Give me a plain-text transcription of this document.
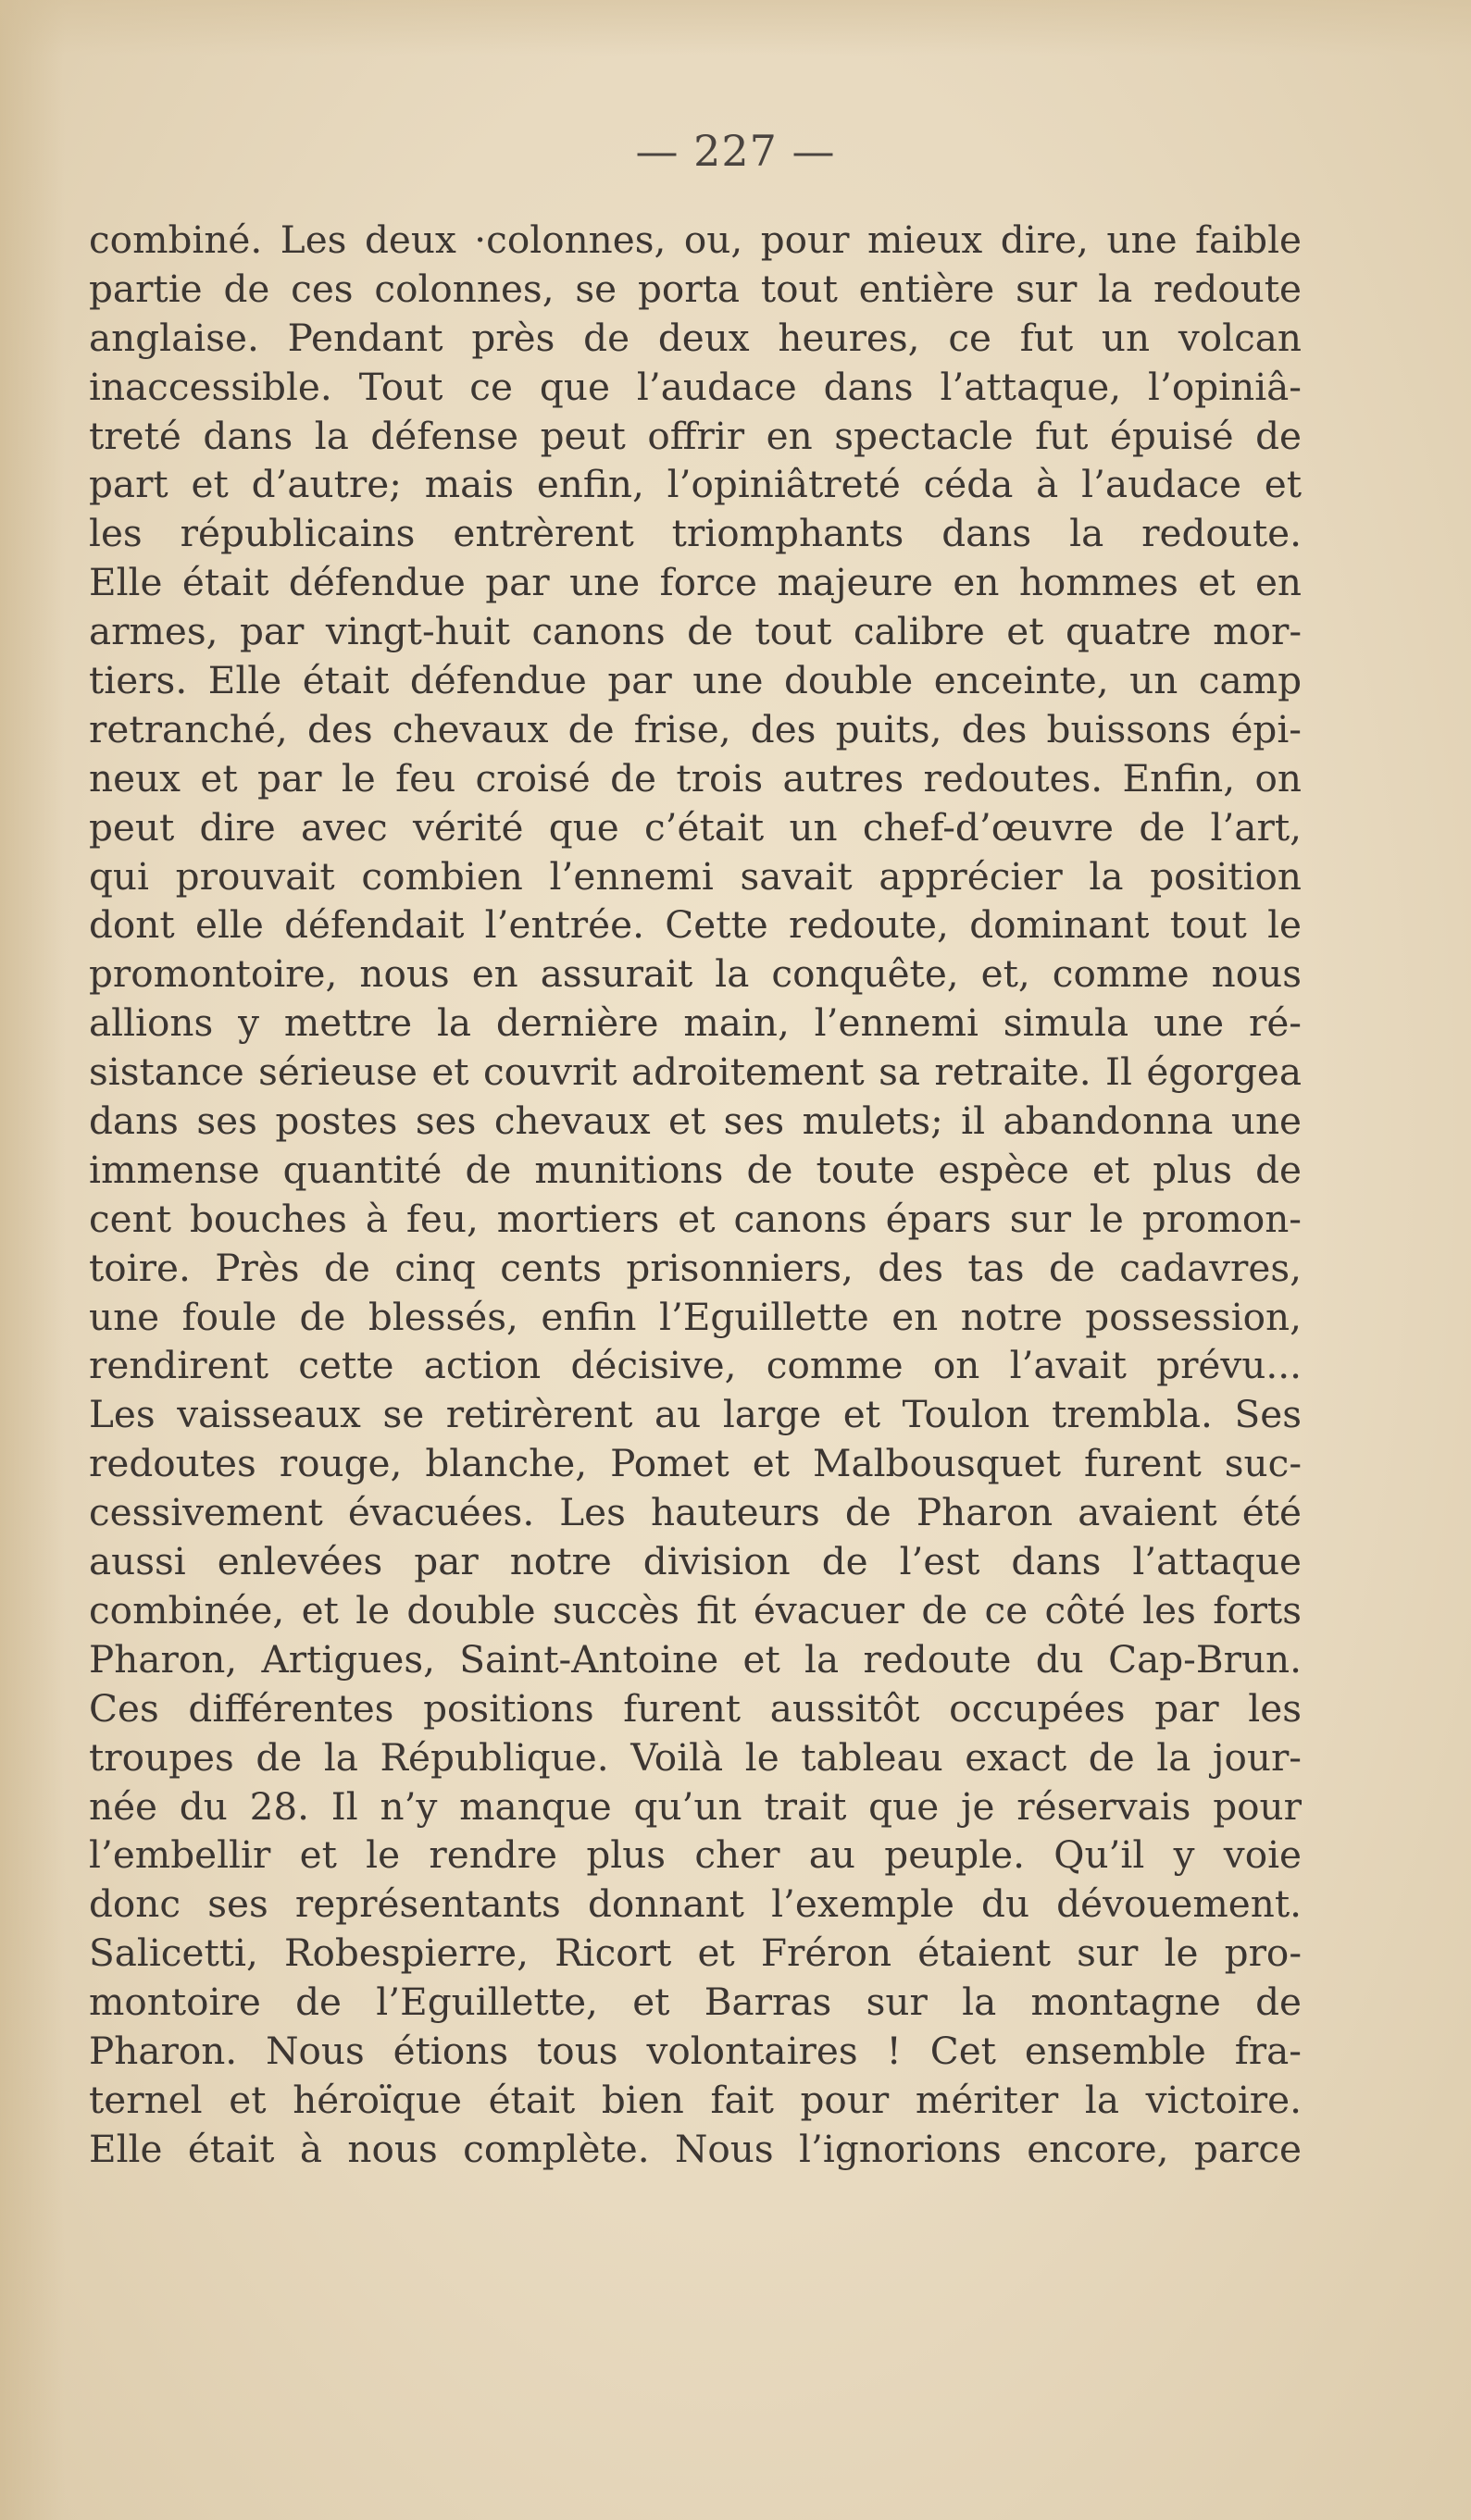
— 227 —
combiné. Les deux ·colonnes, ou, pour mieux dire, une faible
partie de ces colonnes, se porta tout entière sur la redoute
anglaise. Pendant près de deux heures, ce fut un volcan
inaccessible. Tout ce que l’audace dans l’attaque, l’opiniâ-
treté dans la défense peut offrir en spectacle fut épuisé de
part et d’autre; mais enfin, l’opiniâtreté céda à l’audace et
les républicains entrèrent triomphants dans la redoute.
Elle était défendue par une force majeure en hommes et en
armes, par vingt-huit canons de tout calibre et quatre mor-
tiers. Elle était défendue par une double enceinte, un camp
retranché, des chevaux de frise, des puits, des buissons épi-
neux et par le feu croisé de trois autres redoutes. Enfin, on
peut dire avec vérité que c’était un chef-d’œuvre de l’art,
qui prouvait combien l’ennemi savait apprécier la position
dont elle défendait l’entrée. Cette redoute, dominant tout le
promontoire, nous en assurait la conquête, et, comme nous
allions y mettre la dernière main, l’ennemi simula une ré-
sistance sérieuse et couvrit adroitement sa retraite. Il égorgea
dans ses postes ses chevaux et ses mulets; il abandonna une
immense quantité de munitions de toute espèce et plus de
cent bouches à feu, mortiers et canons épars sur le promon-
toire. Près de cinq cents prisonniers, des tas de cadavres,
une foule de blessés, enfin l’Eguillette en notre possession,
rendirent cette action décisive, comme on l’avait prévu...
Les vaisseaux se retirèrent au large et Toulon trembla. Ses
redoutes rouge, blanche, Pomet et Malbousquet furent suc-
cessivement évacuées. Les hauteurs de Pharon avaient été
aussi enlevées par notre division de l’est dans l’attaque
combinée, et le double succès fit évacuer de ce côté les forts
Pharon, Artigues, Saint-Antoine et la redoute du Cap-Brun.
Ces différentes positions furent aussitôt occupées par les
troupes de la République. Voilà le tableau exact de la jour-
née du 28. Il n’y manque qu’un trait que je réservais pour
l’embellir et le rendre plus cher au peuple. Qu’il y voie
donc ses représentants donnant l’exemple du dévouement.
Salicetti, Robespierre, Ricort et Fréron étaient sur le pro-
montoire de l’Eguillette, et Barras sur la montagne de
Pharon. Nous étions tous volontaires ! Cet ensemble fra-
ternel et héroïque était bien fait pour mériter la victoire.
Elle était à nous complète. Nous l’ignorions encore, parce
